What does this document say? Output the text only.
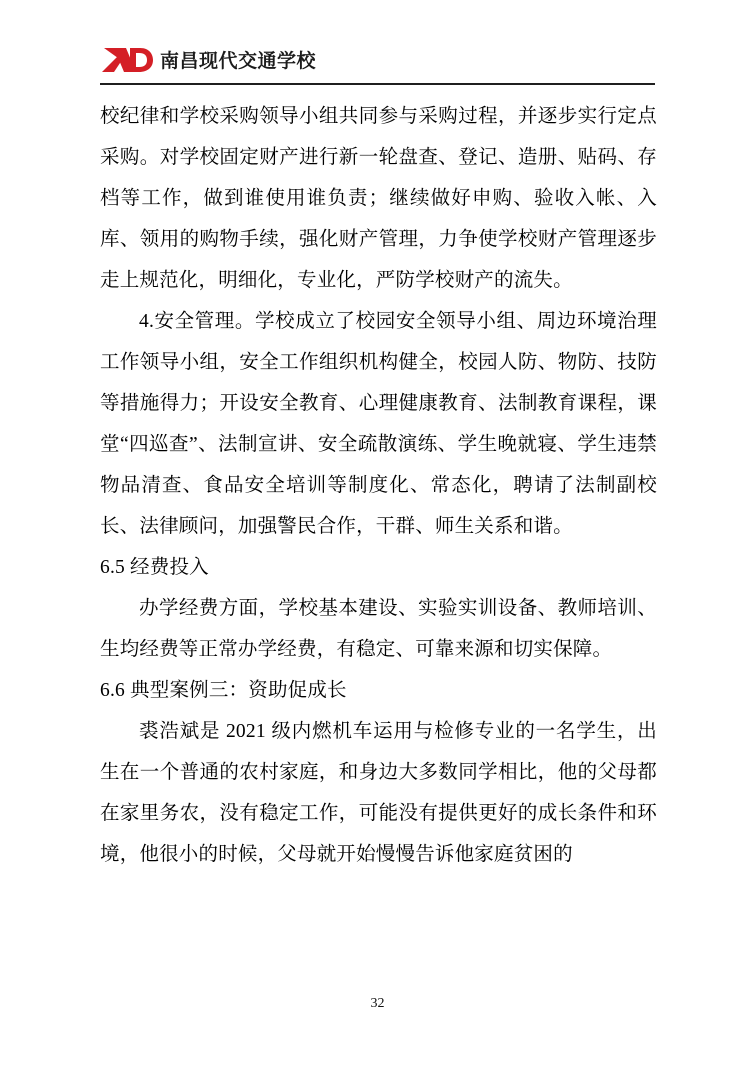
南昌现代交通学校

校纪律和学校采购领导小组共同参与采购过程，并逐步实行定点采购。对学校固定财产进行新一轮盘查、登记、造册、贴码、存档等工作，做到谁使用谁负责；继续做好申购、验收入帐、入库、领用的购物手续，强化财产管理，力争使学校财产管理逐步走上规范化，明细化，专业化，严防学校财产的流失。

4.安全管理。学校成立了校园安全领导小组、周边环境治理工作领导小组，安全工作组织机构健全，校园人防、物防、技防等措施得力；开设安全教育、心理健康教育、法制教育课程，课堂“四巡查”、法制宣讲、安全疏散演练、学生晚就寝、学生违禁物品清查、食品安全培训等制度化、常态化，聘请了法制副校长、法律顾问，加强警民合作，干群、师生关系和谐。

6.5 经费投入

办学经费方面，学校基本建设、实验实训设备、教师培训、生均经费等正常办学经费，有稳定、可靠来源和切实保障。

6.6 典型案例三：资助促成长

裘浩斌是 2021 级内燃机车运用与检修专业的一名学生，出生在一个普通的农村家庭，和身边大多数同学相比，他的父母都在家里务农，没有稳定工作，可能没有提供更好的成长条件和环境，他很小的时候，父母就开始慢慢告诉他家庭贫困的

32
